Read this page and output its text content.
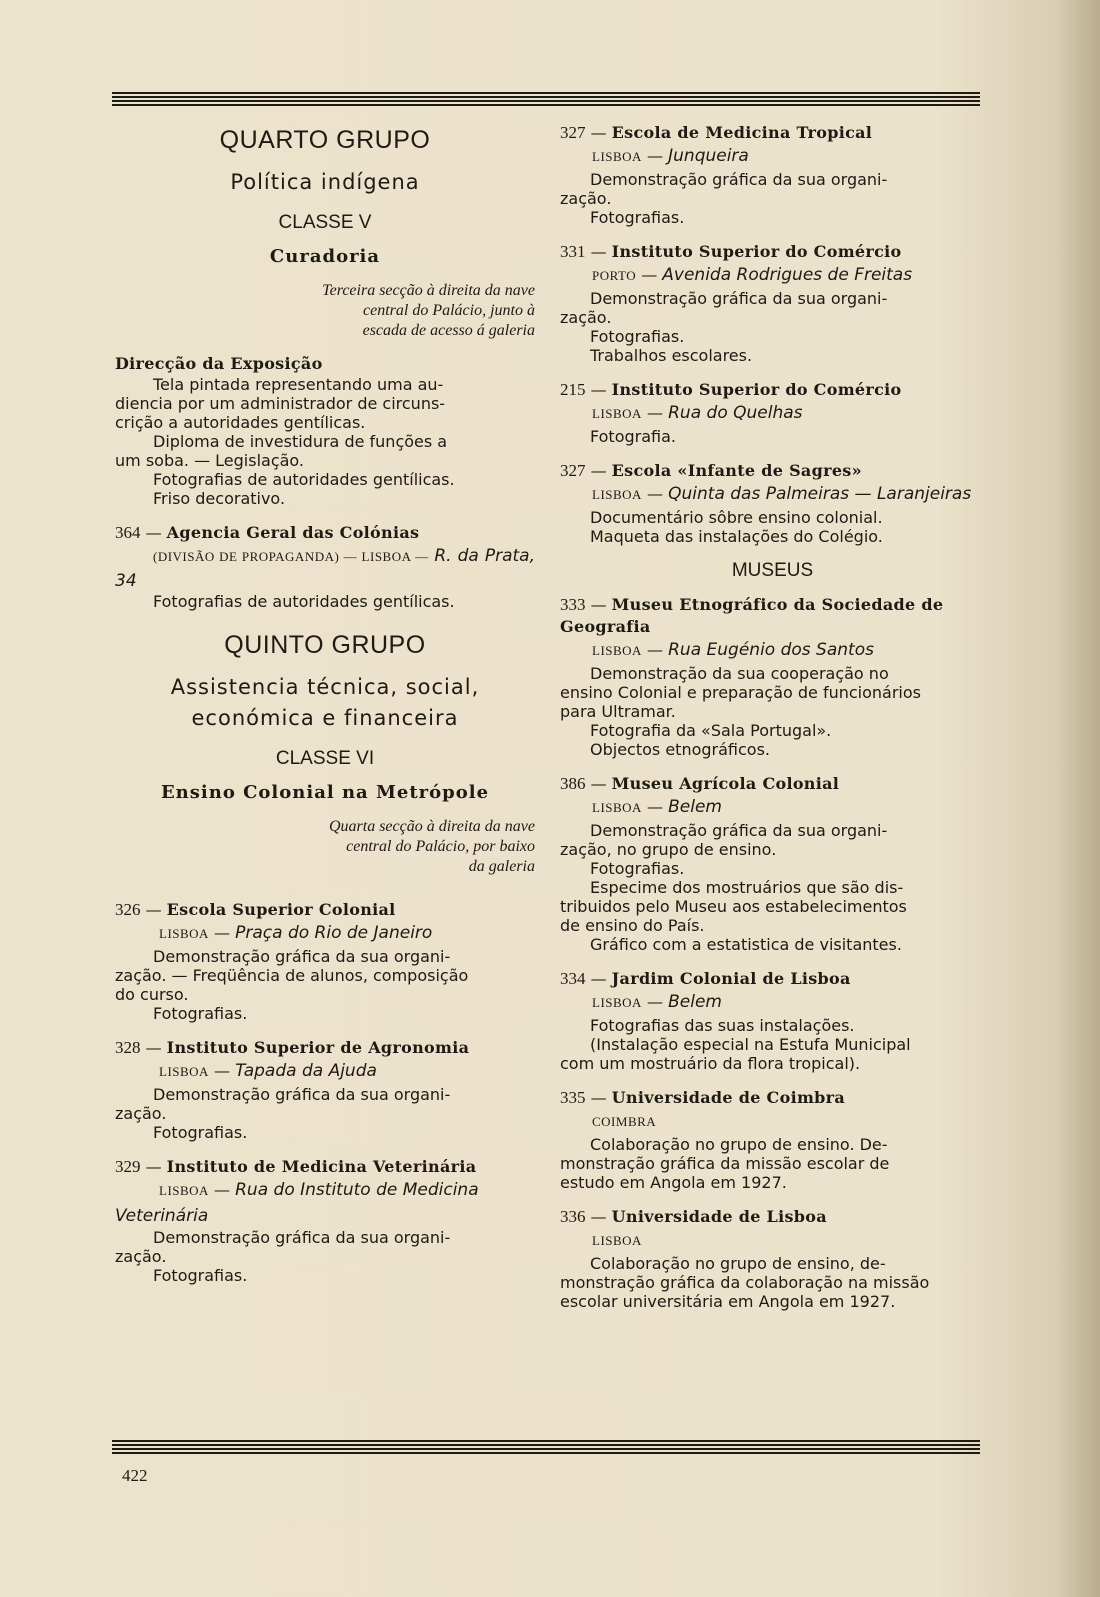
QUARTO GRUPO
Política indígena
CLASSE V
Curadoria
Terceira secção à direita da nave
central do Palácio, junto à
escada de acesso á galeria
Direcção da Exposição
Tela pintada representando uma au-
diencia por um administrador de circuns-
crição a autoridades gentílicas.
Diploma de investidura de funções a
um soba. — Legislação.
Fotografias de autoridades gentílicas.
Friso decorativo.
364 — Agencia Geral das Colónias
(DIVISÃO DE PROPAGANDA) — LISBOA — R. da Prata, 34
Fotografias de autoridades gentílicas.
QUINTO GRUPO
Assistencia técnica, social,
económica e financeira
CLASSE VI
Ensino Colonial na Metrópole
Quarta secção à direita da nave
central do Palácio, por baixo
da galeria
326 — Escola Superior Colonial
LISBOA — Praça do Rio de Janeiro
Demonstração gráfica da sua organi-
zação. — Freqüência de alunos, composição
do curso.
Fotografias.
328 — Instituto Superior de Agronomia
LISBOA — Tapada da Ajuda
Demonstração gráfica da sua organi-
zação.
Fotografias.
329 — Instituto de Medicina Veterinária
LISBOA — Rua do Instituto de Medicina Veterinária
Demonstração gráfica da sua organi-
zação.
Fotografias.
327 — Escola de Medicina Tropical
LISBOA — Junqueira
Demonstração gráfica da sua organi-
zação.
Fotografias.
331 — Instituto Superior do Comércio
PORTO — Avenida Rodrigues de Freitas
Demonstração gráfica da sua organi-
zação.
Fotografias.
Trabalhos escolares.
215 — Instituto Superior do Comércio
LISBOA — Rua do Quelhas
Fotografia.
327 — Escola «Infante de Sagres»
LISBOA — Quinta das Palmeiras — Laranjeiras
Documentário sôbre ensino colonial.
Maqueta das instalações do Colégio.
MUSEUS
333 — Museu Etnográfico da Sociedade de Geografia
LISBOA — Rua Eugénio dos Santos
Demonstração da sua cooperação no
ensino Colonial e preparação de funcionários
para Ultramar.
Fotografia da «Sala Portugal».
Objectos etnográficos.
386 — Museu Agrícola Colonial
LISBOA — Belem
Demonstração gráfica da sua organi-
zação, no grupo de ensino.
Fotografias.
Especime dos mostruários que são dis-
tribuidos pelo Museu aos estabelecimentos
de ensino do País.
Gráfico com a estatistica de visitantes.
334 — Jardim Colonial de Lisboa
LISBOA — Belem
Fotografias das suas instalações.
(Instalação especial na Estufa Municipal
com um mostruário da flora tropical).
335 — Universidade de Coimbra
COIMBRA
Colaboração no grupo de ensino. De-
monstração gráfica da missão escolar de
estudo em Angola em 1927.
336 — Universidade de Lisboa
LISBOA
Colaboração no grupo de ensino, de-
monstração gráfica da colaboração na missão
escolar universitária em Angola em 1927.
422
